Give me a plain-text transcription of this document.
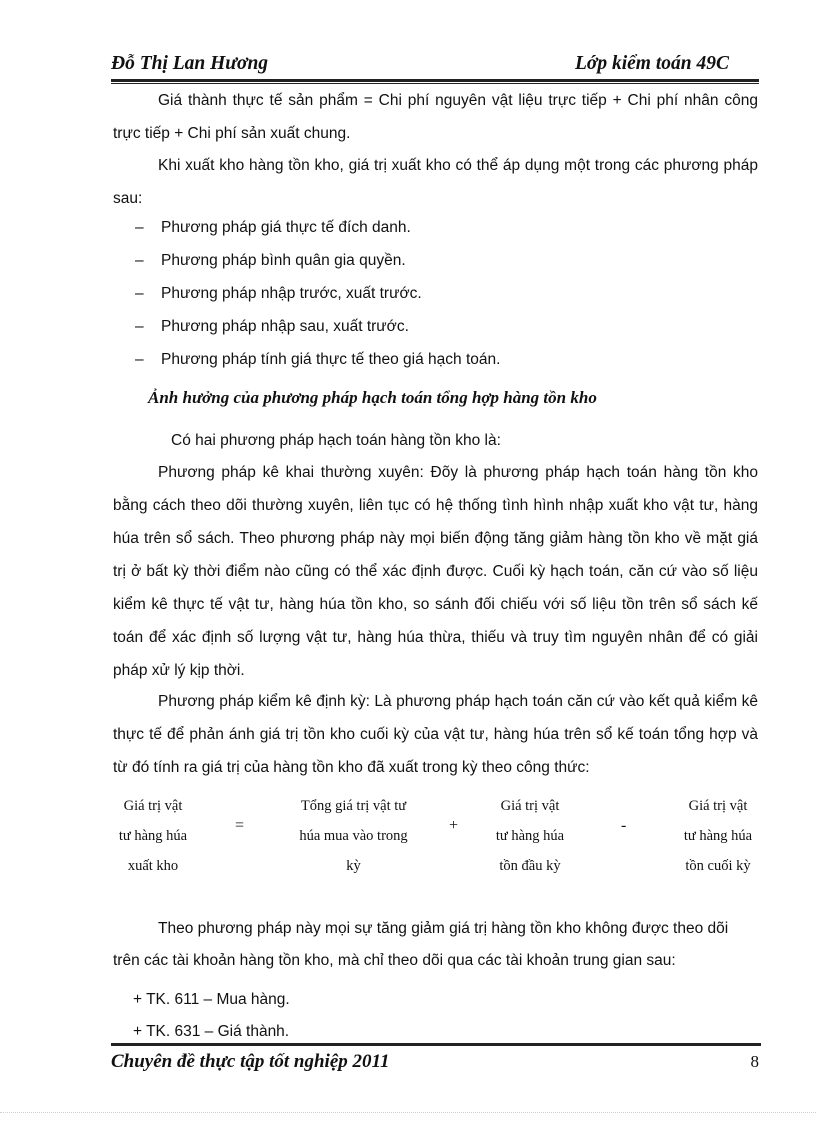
Đỗ Thị Lan Hương	Lớp kiểm toán 49C

Giá thành thực tế sản phẩm = Chi phí nguyên vật liệu trực tiếp + Chi phí nhân công trực tiếp + Chi phí sản xuất chung.

Khi xuất kho hàng tồn kho, giá trị xuất kho có thể áp dụng một trong các phương pháp sau:

– Phương pháp giá thực tế đích danh.
– Phương pháp bình quân gia quyền.
– Phương pháp nhập trước, xuất trước.
– Phương pháp nhập sau, xuất trước.
– Phương pháp tính giá thực tế theo giá hạch toán.
Ảnh hưởng của phương pháp hạch toán tổng hợp hàng tồn kho

Có hai phương pháp hạch toán hàng tồn kho là:

Phương pháp kê khai thường xuyên: Đõy là phương pháp hạch toán hàng tồn kho bằng cách theo dõi thường xuyên, liên tục có hệ thống tình hình nhập xuất kho vật tư, hàng húa trên sổ sách. Theo phương pháp này mọi biến động tăng giảm hàng tồn kho về mặt giá trị ở bất kỳ thời điểm nào cũng có thể xác định được. Cuối kỳ hạch toán, căn cứ vào số liệu kiểm kê thực tế vật tư, hàng húa tồn kho, so sánh đối chiếu với số liệu tồn trên sổ sách kế toán để xác định số lượng vật tư, hàng húa thừa, thiếu và truy tìm nguyên nhân để có giải pháp xử lý kịp thời.

Phương pháp kiểm kê định kỳ: Là phương pháp hạch toán căn cứ vào kết quả kiểm kê thực tế để phản ánh giá trị tồn kho cuối kỳ của vật tư, hàng húa trên sổ kế toán tổng hợp và từ đó tính ra giá trị của hàng tồn kho đã xuất trong kỳ theo công thức:

Giá trị vật
tư hàng húa
xuất kho
=
Tổng giá trị vật tư
húa mua vào trong
kỳ
+
Giá trị vật
tư hàng húa
tồn đầu kỳ
-
Giá trị vật
tư hàng húa
tồn cuối kỳ
Theo phương pháp này mọi sự tăng giảm giá trị hàng tồn kho không được theo dõi
trên các tài khoản hàng tồn kho, mà chỉ theo dõi qua các tài khoản trung gian sau:
+ TK. 611 – Mua hàng.
+ TK. 631 – Giá thành.
Chuyên đề thực tập tốt nghiệp 2011	8
